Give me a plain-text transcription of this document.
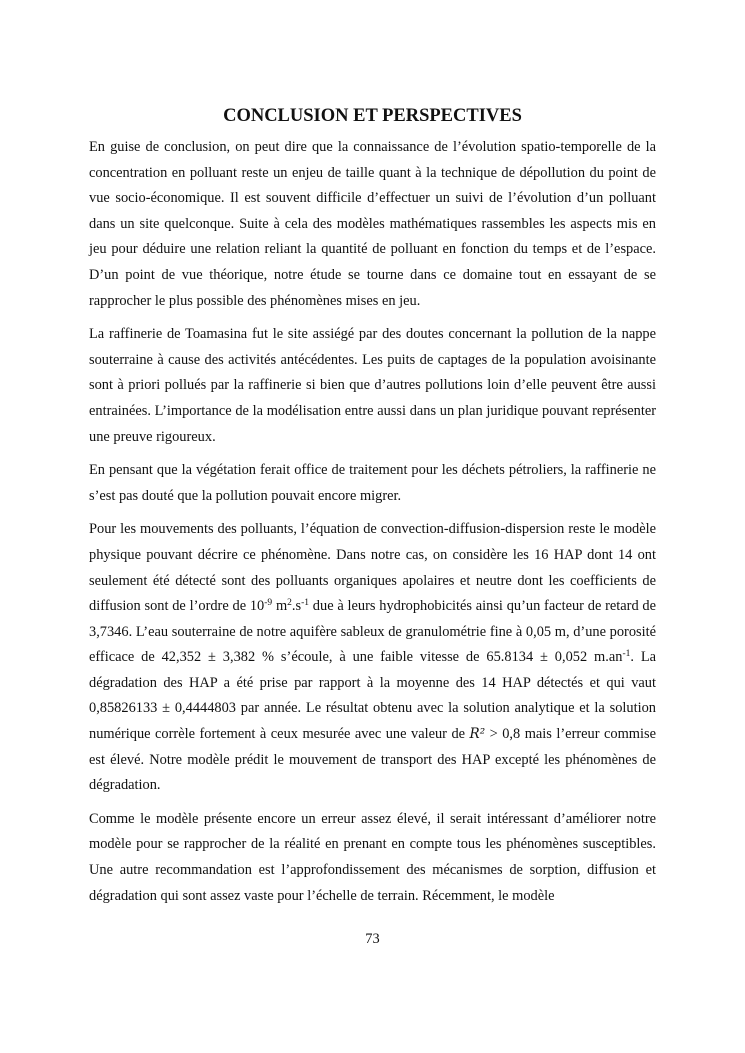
CONCLUSION ET PERSPECTIVES

En guise de conclusion, on peut dire que la connaissance de l’évolution spatio-temporelle de la concentration en polluant reste un enjeu de taille quant à la technique de dépollution du point de vue socio-économique. Il est souvent difficile d’effectuer un suivi de l’évolution d’un polluant dans un site quelconque. Suite à cela des modèles mathématiques rassembles les aspects mis en jeu pour déduire une relation reliant la quantité de polluant en fonction du temps et de l’espace. D’un point de vue théorique, notre étude se tourne dans ce domaine tout en essayant de se rapprocher le plus possible des phénomènes mises en jeu.

La raffinerie de Toamasina fut le site assiégé par des doutes concernant la pollution de la nappe souterraine à cause des activités antécédentes. Les puits de captages de la population avoisinante sont à priori pollués par la raffinerie si bien que d’autres pollutions loin d’elle peuvent être aussi entrainées. L’importance de la modélisation entre aussi dans un plan juridique pouvant représenter une preuve rigoureux.

En pensant que la végétation ferait office de traitement pour les déchets pétroliers, la raffinerie ne s’est pas douté que la pollution pouvait encore migrer.

Pour les mouvements des polluants, l’équation de convection-diffusion-dispersion reste le modèle physique pouvant décrire ce phénomène. Dans notre cas, on considère les 16 HAP dont 14 ont seulement été détecté sont des polluants organiques apolaires et neutre dont les coefficients de diffusion sont de l’ordre de $10^{-9}$ $m^2.s^{-1}$ due à leurs hydrophobicités ainsi qu’un facteur de retard de 3,7346. L’eau souterraine de notre aquifère sableux de granulométrie fine à 0,05 m, d’une porosité efficace de 42,352 ± 3,382 % s’écoule, à une faible vitesse de 65.8134 ± 0,052 $m.an^{-1}$. La dégradation des HAP a été prise par rapport à la moyenne des 14 HAP détectés et qui vaut 0,85826133 ± 0,4444803 par année. Le résultat obtenu avec la solution analytique et la solution numérique corrèle fortement à ceux mesurée avec une valeur de R² > 0,8 mais l’erreur commise est élevé. Notre modèle prédit le mouvement de transport des HAP excepté les phénomènes de dégradation.

Comme le modèle présente encore un erreur assez élevé, il serait intéressant d’améliorer notre modèle pour se rapprocher de la réalité en prenant en compte tous les phénomènes susceptibles. Une autre recommandation est l’approfondissement des mécanismes de sorption, diffusion et dégradation qui sont assez vaste pour l’échelle de terrain. Récemment, le modèle

73
